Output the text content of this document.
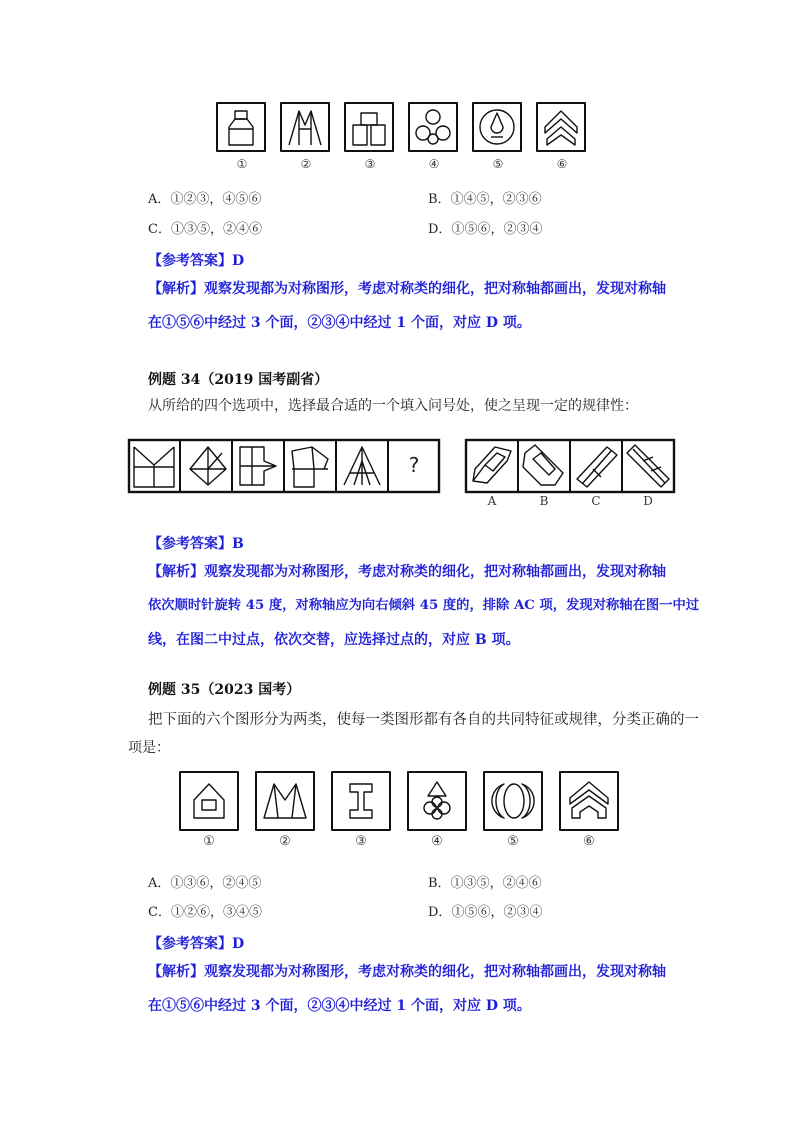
①	②	③	④	⑤	⑥
A．①②③，④⑤⑥	B．①④⑤，②③⑥
C．①③⑤，②④⑥	D．①⑤⑥，②③④
【参考答案】D

【解析】观察发现都为对称图形，考虑对称类的细化，把对称轴都画出，发现对称轴

在①⑤⑥中经过 3 个面，②③④中经过 1 个面，对应 D 项。

例题 34（2019 国考副省）
从所给的四个选项中，选择最合适的一个填入问号处，使之呈现一定的规律性：
?
A	B	C	D
【参考答案】B

【解析】观察发现都为对称图形，考虑对称类的细化，把对称轴都画出，发现对称轴

依次顺时针旋转 45 度，对称轴应为向右倾斜 45 度的，排除 AC 项，发现对称轴在图一中过

线，在图二中过点，依次交替，应选择过点的，对应 B 项。

例题 35（2023 国考）
把下面的六个图形分为两类，使每一类图形都有各自的共同特征或规律，分类正确的一
项是：
①	②	③	④	⑤	⑥
A．①③⑥，②④⑤	B．①③⑤，②④⑥
C．①②⑥，③④⑤	D．①⑤⑥，②③④
【参考答案】D

【解析】观察发现都为对称图形，考虑对称类的细化，把对称轴都画出，发现对称轴

在①⑤⑥中经过 3 个面，②③④中经过 1 个面，对应 D 项。
